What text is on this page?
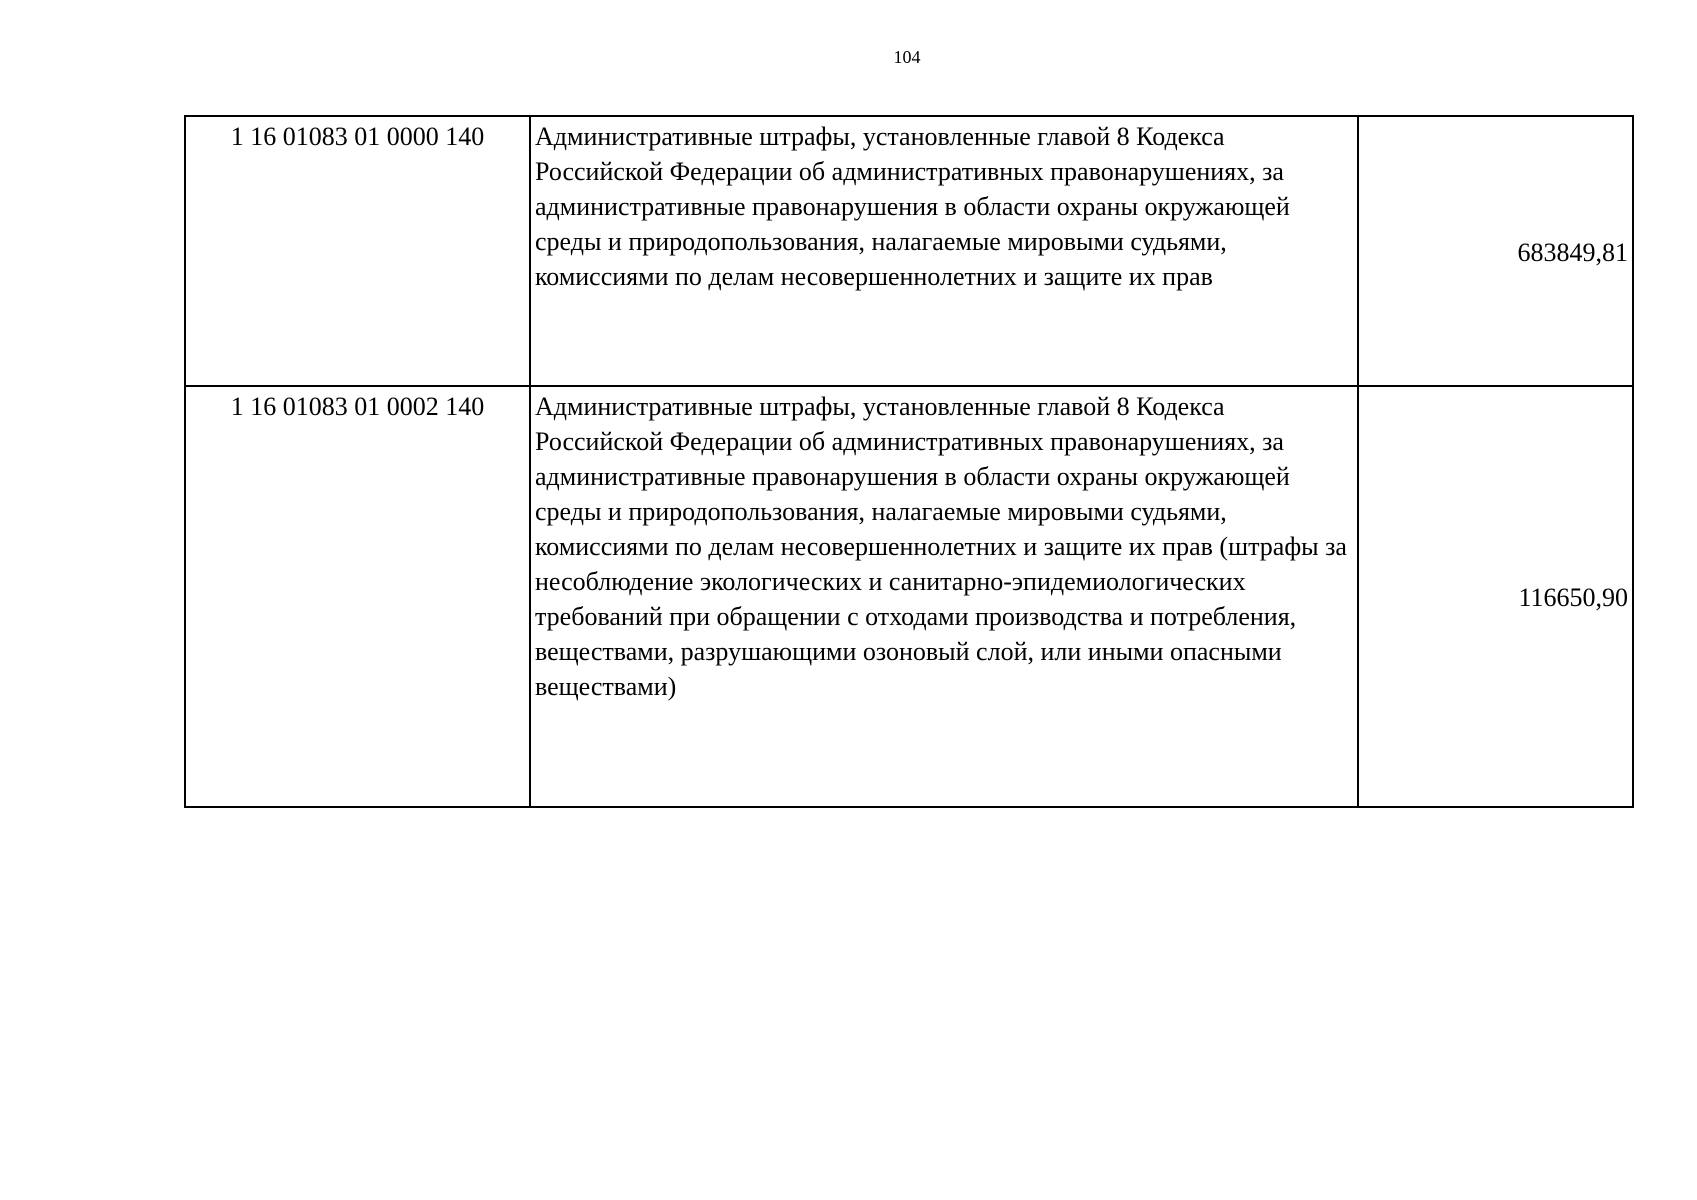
104
1 16 01083 01 0000 140	Административные штрафы, установленные главой 8 Кодекса Российской Федерации об административных правонарушениях, за административные правонарушения в области охраны окружающей среды и природопользования, налагаемые мировыми судьями, комиссиями по делам несовершеннолетних и защите их прав	683849,81
1 16 01083 01 0002 140	Административные штрафы, установленные главой 8 Кодекса Российской Федерации об административных правонарушениях, за административные правонарушения в области охраны окружающей среды и природопользования, налагаемые мировыми судьями, комиссиями по делам несовершеннолетних и защите их прав (штрафы за несоблюдение экологических и санитарно-эпидемиологических требований при обращении с отходами производства и потребления, веществами, разрушающими озоновый слой, или иными опасными веществами)	116650,90
